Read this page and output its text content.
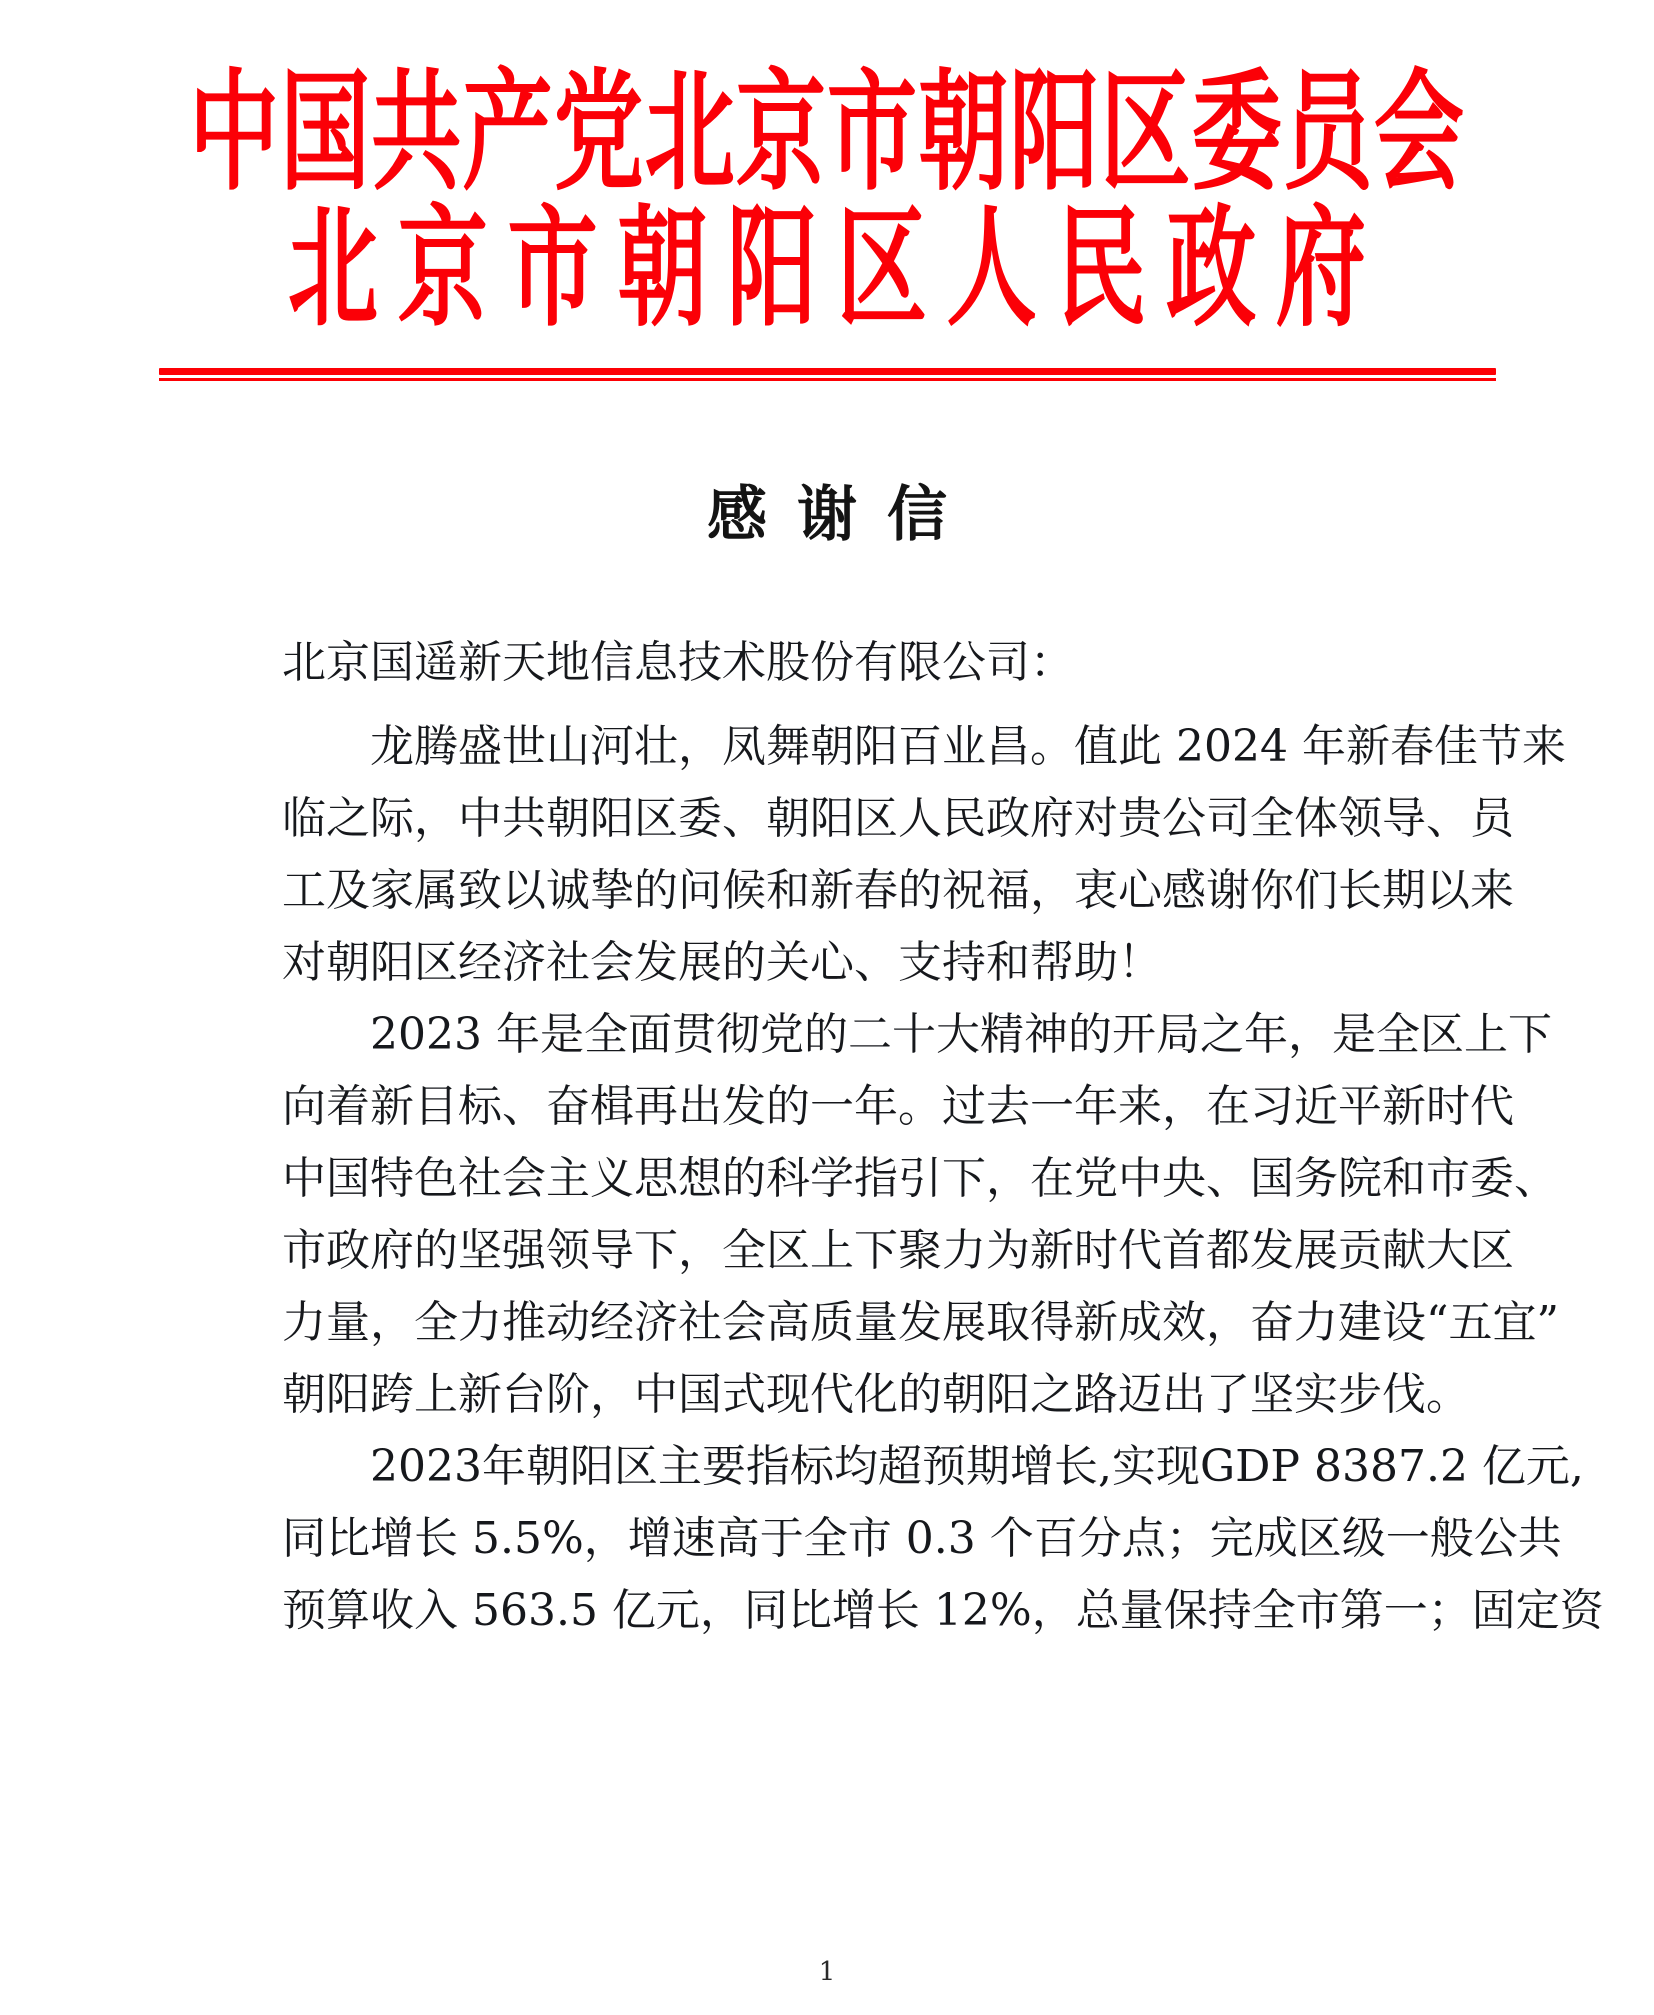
中国共产党北京市朝阳区委员会
北京市朝阳区人民政府
感谢信
北京国遥新天地信息技术股份有限公司：
龙腾盛世山河壮，凤舞朝阳百业昌。值此 2024 年新春佳节来
临之际，中共朝阳区委、朝阳区人民政府对贵公司全体领导、员
工及家属致以诚挚的问候和新春的祝福，衷心感谢你们长期以来
对朝阳区经济社会发展的关心、支持和帮助！
2023 年是全面贯彻党的二十大精神的开局之年，是全区上下
向着新目标、奋楫再出发的一年。过去一年来，在习近平新时代
中国特色社会主义思想的科学指引下，在党中央、国务院和市委、
市政府的坚强领导下，全区上下聚力为新时代首都发展贡献大区
力量，全力推动经济社会高质量发展取得新成效，奋力建设“五宜”
朝阳跨上新台阶，中国式现代化的朝阳之路迈出了坚实步伐。
2023年朝阳区主要指标均超预期增长,实现GDP 8387.2 亿元,
同比增长 5.5%，增速高于全市 0.3 个百分点；完成区级一般公共
预算收入 563.5 亿元，同比增长 12%，总量保持全市第一；固定资
1
